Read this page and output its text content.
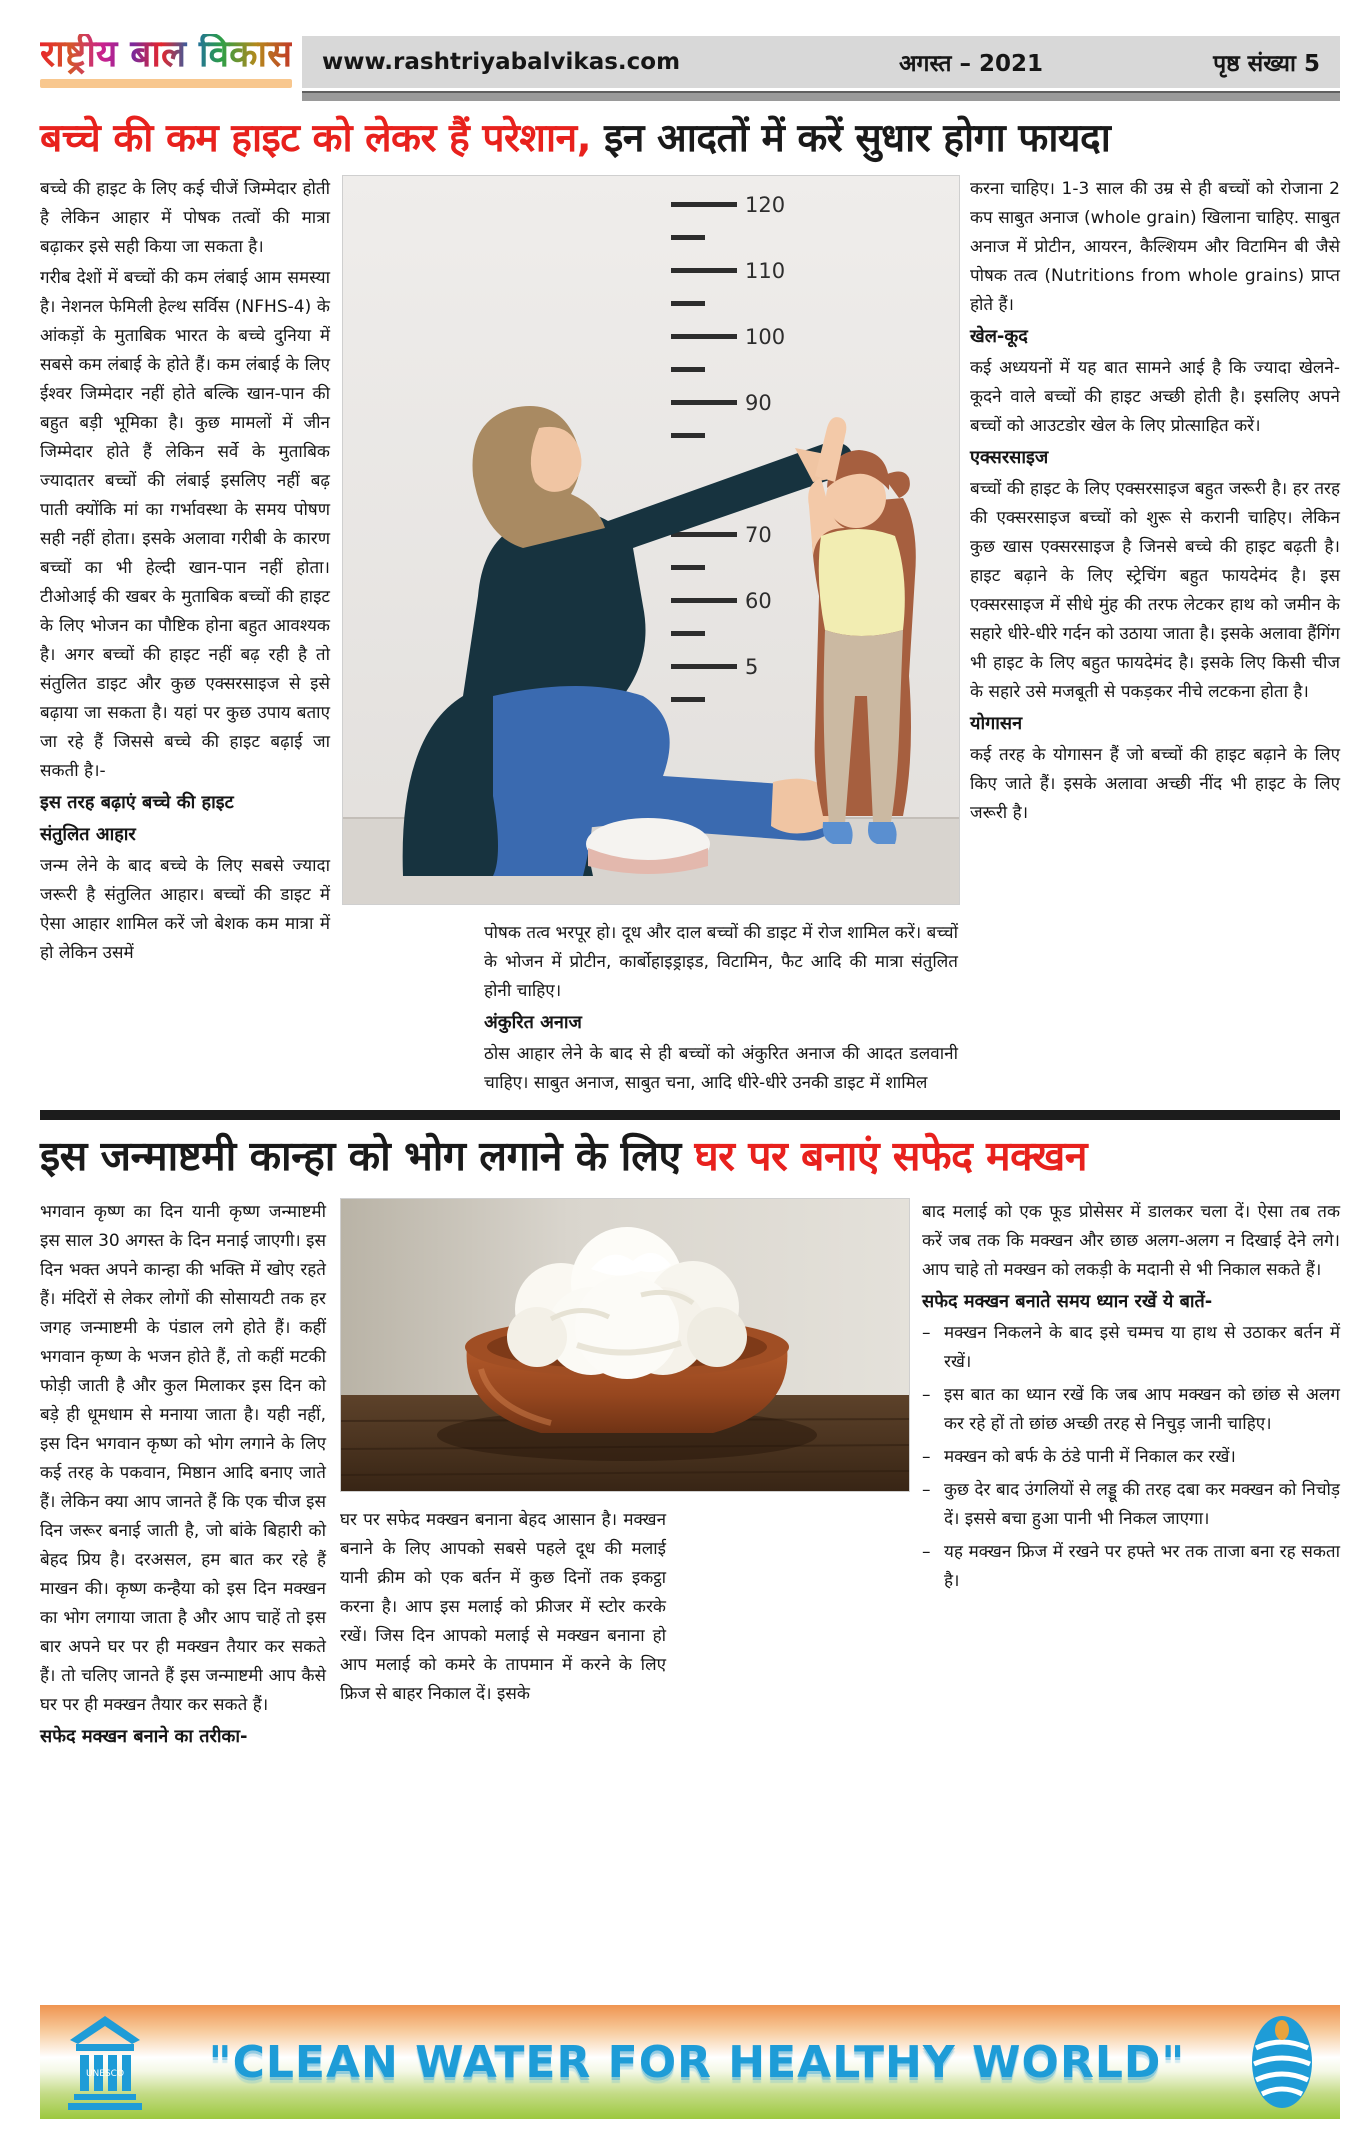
राष्ट्रीय बाल विकास www.rashtriyabalvikas.com	अगस्त – 2021	पृष्ठ संख्या 5
बच्चे की कम हाइट को लेकर हैं परेशान, इन आदतों में करें सुधार होगा फायदा

बच्चे की हाइट के लिए कई चीजें जिम्मेदार होती है लेकिन आहार में पोषक तत्वों की मात्रा बढ़ाकर इसे सही किया जा सकता है।

गरीब देशों में बच्चों की कम लंबाई आम समस्या है। नेशनल फेमिली हेल्थ सर्विस (NFHS-4) के आंकड़ों के मुताबिक भारत के बच्चे दुनिया में सबसे कम लंबाई के होते हैं। कम लंबाई के लिए ईश्वर जिम्मेदार नहीं होते बल्कि खान-पान की बहुत बड़ी भूमिका है। कुछ मामलों में जीन जिम्मेदार होते हैं लेकिन सर्वे के मुताबिक ज्यादातर बच्चों की लंबाई इसलिए नहीं बढ़ पाती क्योंकि मां का गर्भावस्था के समय पोषण सही नहीं होता। इसके अलावा गरीबी के कारण बच्चों का भी हेल्दी खान-पान नहीं होता। टीओआई की खबर के मुताबिक बच्चों की हाइट के लिए भोजन का पौष्टिक होना बहुत आवश्यक है। अगर बच्चों की हाइट नहीं बढ़ रही है तो संतुलित डाइट और कुछ एक्सरसाइज से इसे बढ़ाया जा सकता है। यहां पर कुछ उपाय बताए जा रहे हैं जिससे बच्चे की हाइट बढ़ाई जा सकती है।-

इस तरह बढ़ाएं बच्चे की हाइट
संतुलित आहार

जन्म लेने के बाद बच्चे के लिए सबसे ज्यादा जरूरी है संतुलित आहार। बच्चों की डाइट में ऐसा आहार शामिल करें जो बेशक कम मात्रा में हो लेकिन उसमें

120
110
100
90
70
60
5

पोषक तत्व भरपूर हो। दूध और दाल बच्चों की डाइट में रोज शामिल करें। बच्चों के भोजन में प्रोटीन, कार्बोहाइड्राइड, विटामिन, फैट आदि की मात्रा संतुलित होनी चाहिए।

अंकुरित अनाज

ठोस आहार लेने के बाद से ही बच्चों को अंकुरित अनाज की आदत डलवानी चाहिए। साबुत अनाज, साबुत चना, आदि धीरे-धीरे उनकी डाइट में शामिल

करना चाहिए। 1-3 साल की उम्र से ही बच्चों को रोजाना 2 कप साबुत अनाज (whole grain) खिलाना चाहिए. साबुत अनाज में प्रोटीन, आयरन, कैल्शियम और विटामिन बी जैसे पोषक तत्व (Nutritions from whole grains) प्राप्त होते हैं।

खेल-कूद

कई अध्ययनों में यह बात सामने आई है कि ज्यादा खेलने-कूदने वाले बच्चों की हाइट अच्छी होती है। इसलिए अपने बच्चों को आउटडोर खेल के लिए प्रोत्साहित करें।

एक्सरसाइज

बच्चों की हाइट के लिए एक्सरसाइज बहुत जरूरी है। हर तरह की एक्सरसाइज बच्चों को शुरू से करानी चाहिए। लेकिन कुछ खास एक्सरसाइज है जिनसे बच्चे की हाइट बढ़ती है। हाइट बढ़ाने के लिए स्ट्रेचिंग बहुत फायदेमंद है। इस एक्सरसाइज में सीधे मुंह की तरफ लेटकर हाथ को जमीन के सहारे धीरे-धीरे गर्दन को उठाया जाता है। इसके अलावा हैंगिंग भी हाइट के लिए बहुत फायदेमंद है। इसके लिए किसी चीज के सहारे उसे मजबूती से पकड़कर नीचे लटकना होता है।

योगासन

कई तरह के योगासन हैं जो बच्चों की हाइट बढ़ाने के लिए किए जाते हैं। इसके अलावा अच्छी नींद भी हाइट के लिए जरूरी है।

इस जन्माष्टमी कान्हा को भोग लगाने के लिए घर पर बनाएं सफेद मक्खन

भगवान कृष्ण का दिन यानी कृष्ण जन्माष्टमी इस साल 30 अगस्त के दिन मनाई जाएगी। इस दिन भक्त अपने कान्हा की भक्ति में खोए रहते हैं। मंदिरों से लेकर लोगों की सोसायटी तक हर जगह जन्माष्टमी के पंडाल लगे होते हैं। कहीं भगवान कृष्ण के भजन होते हैं, तो कहीं मटकी फोड़ी जाती है और कुल मिलाकर इस दिन को बड़े ही धूमधाम से मनाया जाता है। यही नहीं, इस दिन भगवान कृष्ण को भोग लगाने के लिए कई तरह के पकवान, मिष्ठान आदि बनाए जाते हैं। लेकिन क्या आप जानते हैं कि एक चीज इस दिन जरूर बनाई जाती है, जो बांके बिहारी को बेहद प्रिय है। दरअसल, हम बात कर रहे हैं माखन की। कृष्ण कन्हैया को इस दिन मक्खन का भोग लगाया जाता है और आप चाहें तो इस बार अपने घर पर ही मक्खन तैयार कर सकते हैं। तो चलिए जानते हैं इस जन्माष्टमी आप कैसे घर पर ही मक्खन तैयार कर सकते हैं।

सफेद मक्खन बनाने का तरीका-

घर पर सफेद मक्खन बनाना बेहद आसान है। मक्खन बनाने के लिए आपको सबसे पहले दूध की मलाई यानी क्रीम को एक बर्तन में कुछ दिनों तक इकट्ठा करना है। आप इस मलाई को फ्रीजर में स्टोर करके रखें। जिस दिन आपको मलाई से मक्खन बनाना हो आप मलाई को कमरे के तापमान में करने के लिए फ्रिज से बाहर निकाल दें। इसके

बाद मलाई को एक फूड प्रोसेसर में डालकर चला दें। ऐसा तब तक करें जब तक कि मक्खन और छाछ अलग-अलग न दिखाई देने लगे। आप चाहे तो मक्खन को लकड़ी के मदानी से भी निकाल सकते हैं।

सफेद मक्खन बनाते समय ध्यान रखें ये बातें-
– मक्खन निकलने के बाद इसे चम्मच या हाथ से उठाकर बर्तन में रखें।
– इस बात का ध्यान रखें कि जब आप मक्खन को छांछ से अलग कर रहे हों तो छांछ अच्छी तरह से निचुड़ जानी चाहिए।
– मक्खन को बर्फ के ठंडे पानी में निकाल कर रखें।
– कुछ देर बाद उंगलियों से लड्डू की तरह दबा कर मक्खन को निचोड़ दें। इससे बचा हुआ पानी भी निकल जाएगा।
– यह मक्खन फ्रिज में रखने पर हफ्ते भर तक ताजा बना रह सकता है।
UNESCO	"CLEAN WATER FOR HEALTHY WORLD"
